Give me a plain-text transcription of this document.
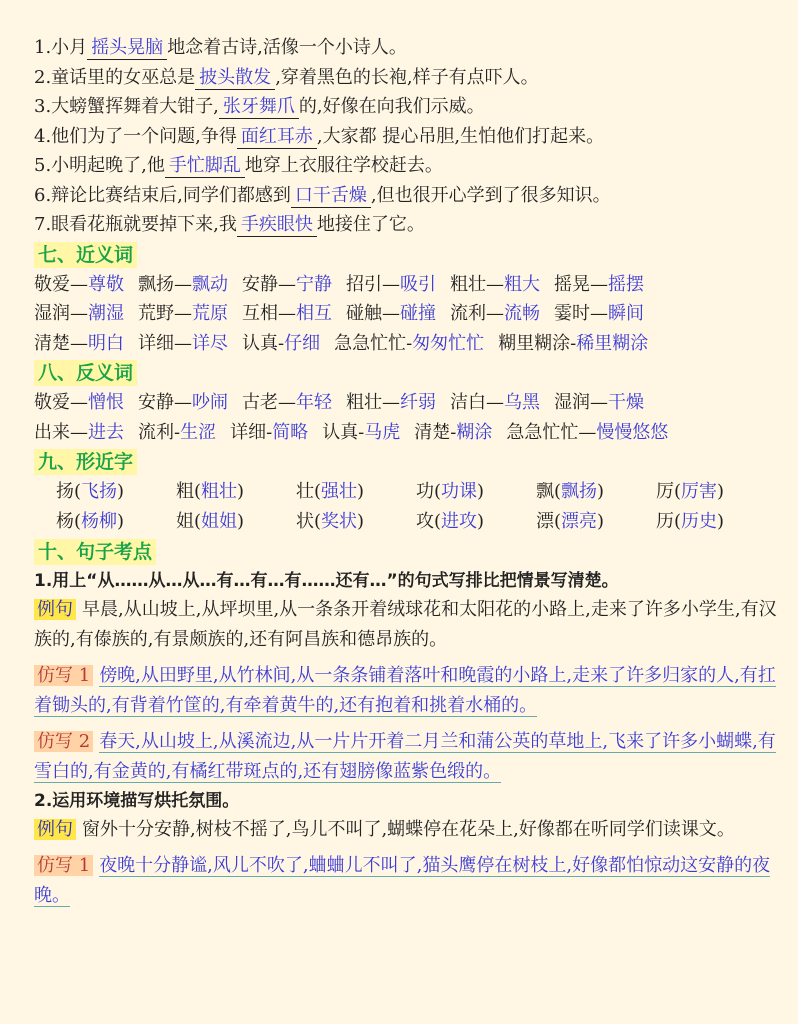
1.小月 摇头晃脑 地念着古诗,活像一个小诗人。
2.童话里的女巫总是 披头散发 ,穿着黑色的长袍,样子有点吓人。
3.大螃蟹挥舞着大钳子, 张牙舞爪 的,好像在向我们示威。
4.他们为了一个问题,争得 面红耳赤 ,大家都 提心吊胆,生怕他们打起来。
5.小明起晚了,他 手忙脚乱 地穿上衣服往学校赶去。
6.辩论比赛结束后,同学们都感到 口干舌燥 ,但也很开心学到了很多知识。
7.眼看花瓶就要掉下来,我 手疾眼快 地接住了它。
七、近义词
敬爱—尊敬 飘扬—飘动 安静—宁静 招引—吸引 粗壮—粗大 摇晃—摇摆
湿润—潮湿 荒野—荒原 互相—相互 碰触—碰撞 流利—流畅 霎时—瞬间
清楚—明白 详细—详尽 认真-仔细 急急忙忙-匆匆忙忙 糊里糊涂-稀里糊涂
八、反义词
敬爱—憎恨 安静—吵闹 古老—年轻 粗壮—纤弱 洁白—乌黑 湿润—干燥
出来—进去 流利-生涩 详细-简略 认真-马虎 清楚-糊涂 急急忙忙—慢慢悠悠
九、形近字
扬(飞扬)	粗(粗壮)	壮(强壮)	功(功课)	飘(飘扬)	厉(厉害)
杨(杨柳)	姐(姐姐)	状(奖状)	攻(进攻)	漂(漂亮)	历(历史)
十、句子考点
1.用上“从……从…从…有…有…有……还有…”的句式写排比把情景写清楚。
例句 早晨,从山坡上,从坪坝里,从一条条开着绒球花和太阳花的小路上,走来了许多小学生,有汉族的,有傣族的,有景颇族的,还有阿昌族和德昂族的。
仿写 1 傍晚,从田野里,从竹林间,从一条条铺着落叶和晚霞的小路上,走来了许多归家的人,有扛着锄头的,有背着竹筐的,有牵着黄牛的,还有抱着和挑着水桶的。
仿写 2 春天,从山坡上,从溪流边,从一片片开着二月兰和蒲公英的草地上,飞来了许多小蝴蝶,有雪白的,有金黄的,有橘红带斑点的,还有翅膀像蓝紫色缎的。
2.运用环境描写烘托氛围。
例句 窗外十分安静,树枝不摇了,鸟儿不叫了,蝴蝶停在花朵上,好像都在听同学们读课文。
仿写 1 夜晚十分静谧,风儿不吹了,蛐蛐儿不叫了,猫头鹰停在树枝上,好像都怕惊动这安静的夜晚。
